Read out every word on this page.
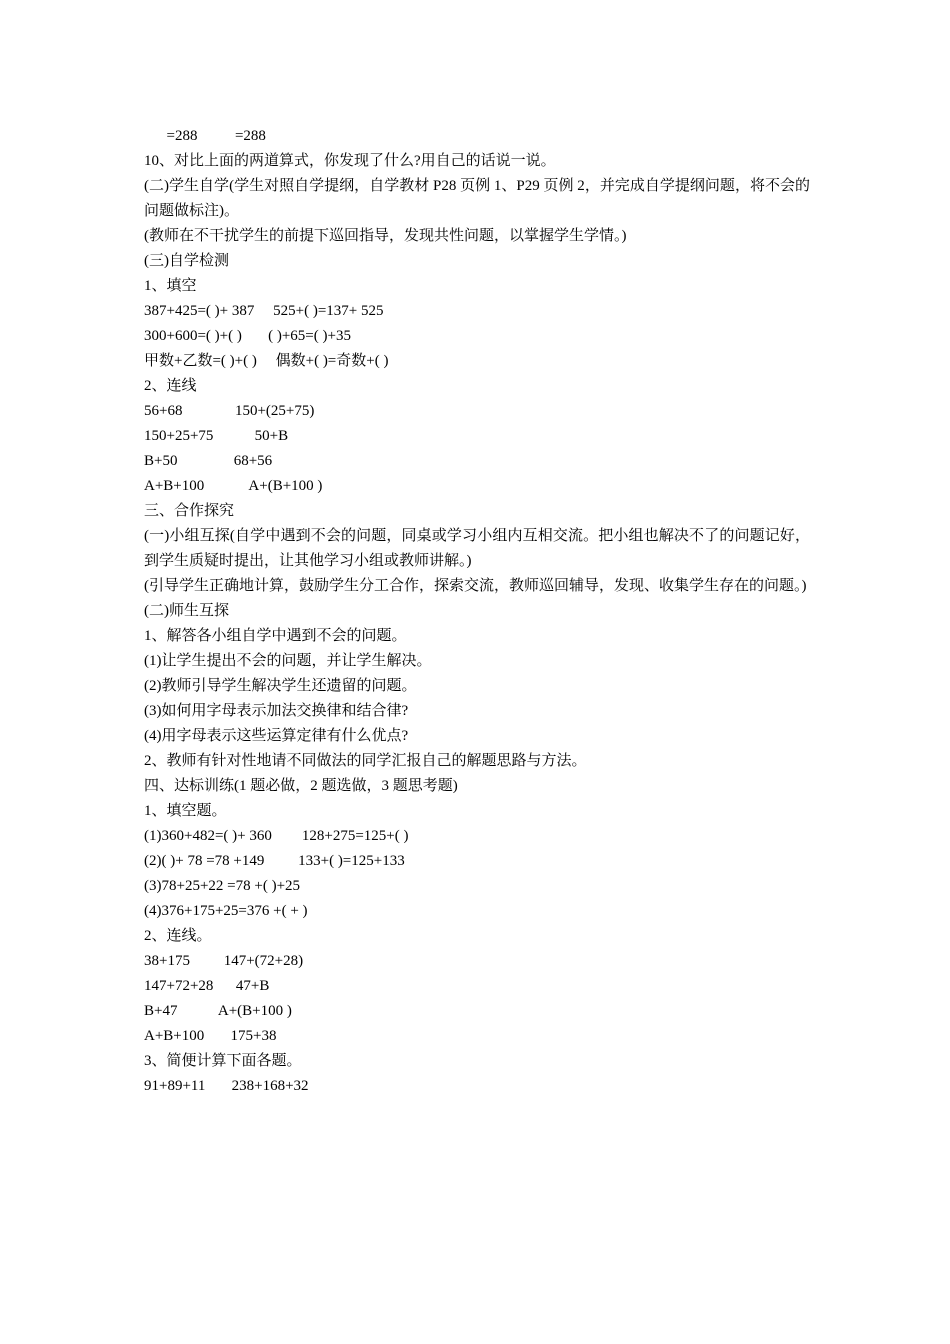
=288          =288
10、对比上面的两道算式，你发现了什么?用自己的话说一说。
(二)学生自学(学生对照自学提纲，自学教材 P28 页例 1、P29 页例 2，并完成自学提纲问题，将不会的问题做标注)。
(教师在不干扰学生的前提下巡回指导，发现共性问题，以掌握学生学情。)
(三)自学检测
1、填空
387+425=( )+ 387     525+( )=137+ 525
300+600=( )+( )       ( )+65=( )+35
甲数+乙数=( )+( )     偶数+( )=奇数+( )
2、连线
56+68              150+(25+75)
150+25+75           50+B
B+50               68+56
A+B+100            A+(B+100 )
三、合作探究
(一)小组互探(自学中遇到不会的问题，同桌或学习小组内互相交流。把小组也解决不了的问题记好，到学生质疑时提出，让其他学习小组或教师讲解。)
(引导学生正确地计算，鼓励学生分工合作，探索交流，教师巡回辅导，发现、收集学生存在的问题。)
(二)师生互探
1、解答各小组自学中遇到不会的问题。
(1)让学生提出不会的问题，并让学生解决。
(2)教师引导学生解决学生还遗留的问题。
(3)如何用字母表示加法交换律和结合律?
(4)用字母表示这些运算定律有什么优点?
2、教师有针对性地请不同做法的同学汇报自己的解题思路与方法。
四、达标训练(1 题必做，2 题选做，3 题思考题)
1、填空题。
(1)360+482=( )+ 360        128+275=125+( )
(2)( )+ 78 =78 +149         133+( )=125+133
(3)78+25+22 =78 +( )+25
(4)376+175+25=376 +( + )
2、连线。
38+175         147+(72+28)
147+72+28      47+B
B+47           A+(B+100 )
A+B+100       175+38
3、简便计算下面各题。
91+89+11       238+168+32
